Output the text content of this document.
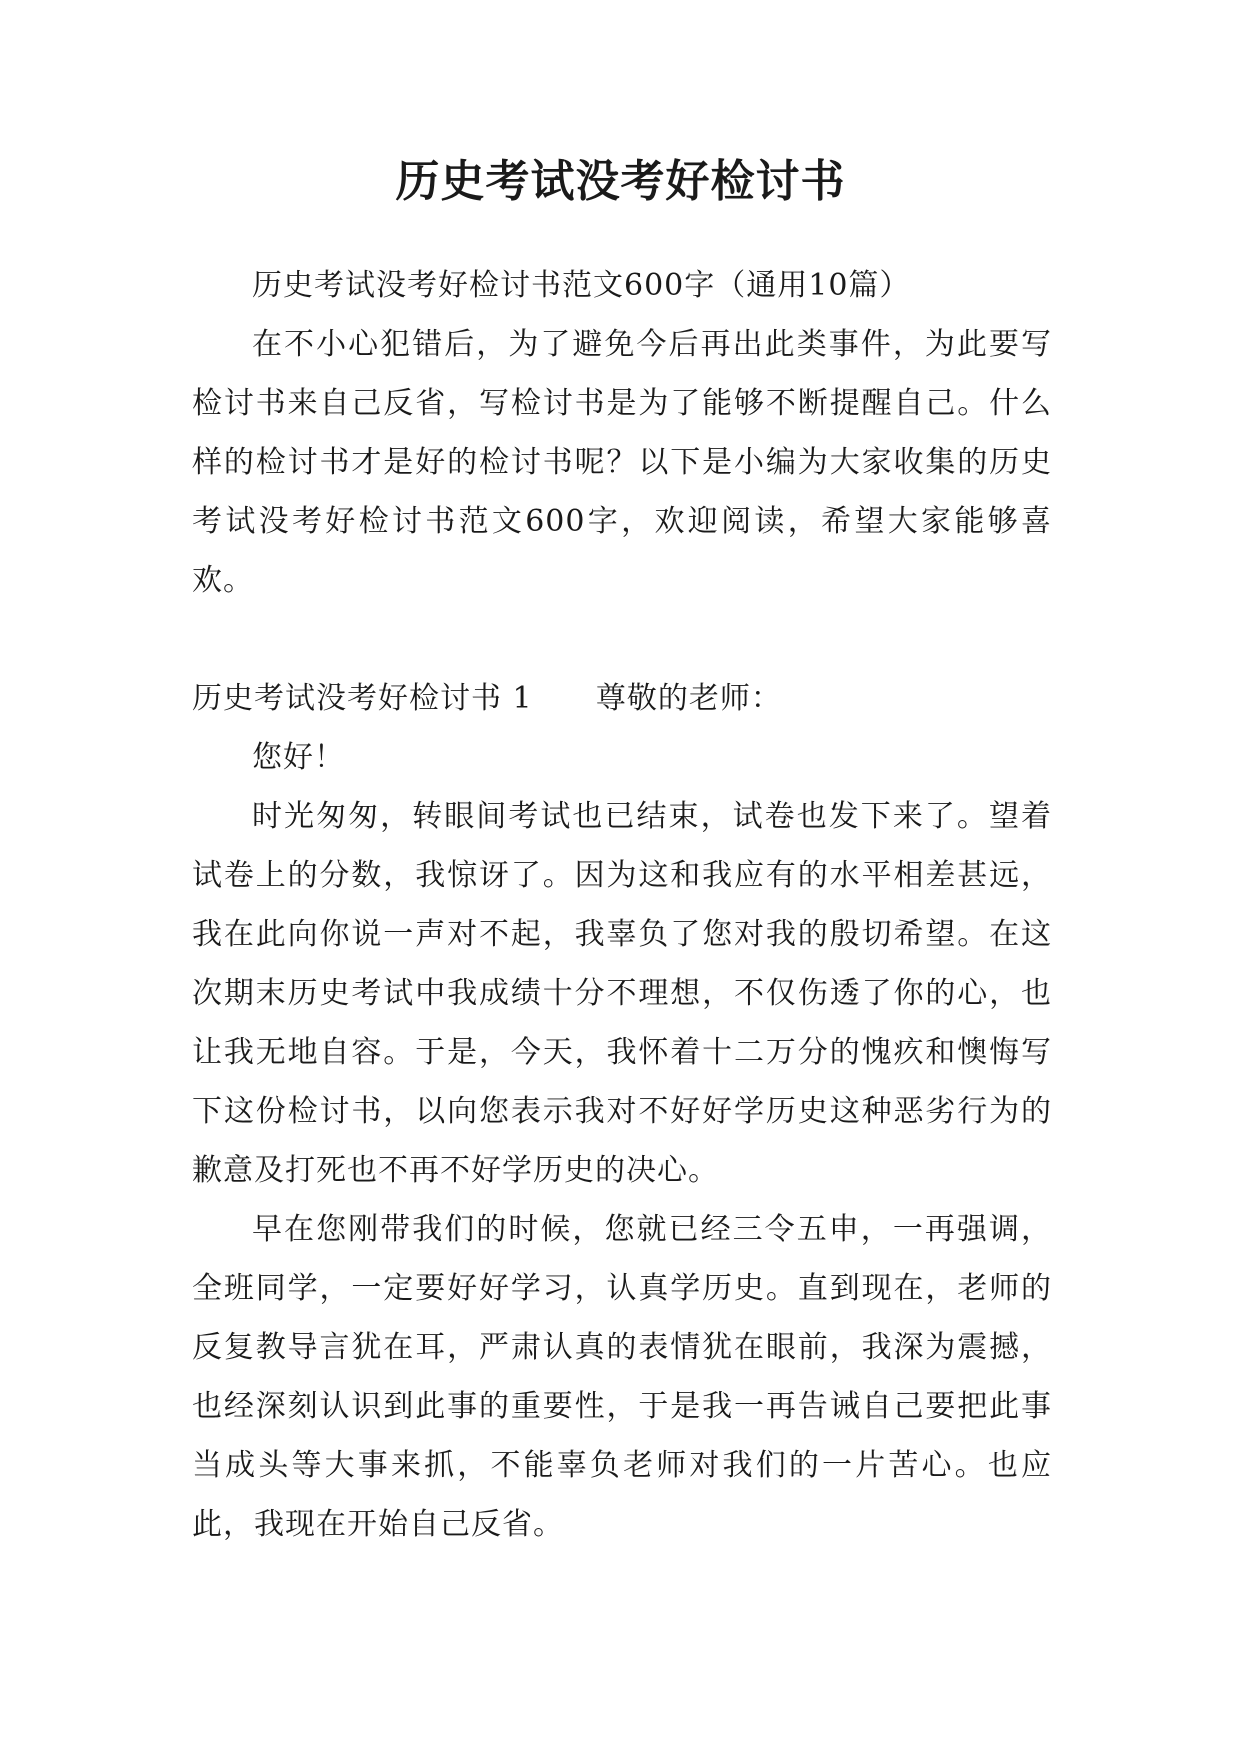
历史考试没考好检讨书

历史考试没考好检讨书范文600字（通用10篇）

在不小心犯错后，为了避免今后再出此类事件，为此要写检讨书来自己反省，写检讨书是为了能够不断提醒自己。什么样的检讨书才是好的检讨书呢？以下是小编为大家收集的历史考试没考好检讨书范文600字，欢迎阅读，希望大家能够喜欢。

历史考试没考好检讨书 1 尊敬的老师：

您好！

时光匆匆，转眼间考试也已结束，试卷也发下来了。望着试卷上的分数，我惊讶了。因为这和我应有的水平相差甚远，我在此向你说一声对不起，我辜负了您对我的殷切希望。在这次期末历史考试中我成绩十分不理想，不仅伤透了你的心，也让我无地自容。于是，今天，我怀着十二万分的愧疚和懊悔写下这份检讨书，以向您表示我对不好好学历史这种恶劣行为的歉意及打死也不再不好学历史的决心。

早在您刚带我们的时候，您就已经三令五申，一再强调，全班同学，一定要好好学习，认真学历史。直到现在，老师的反复教导言犹在耳，严肃认真的表情犹在眼前，我深为震撼，也经深刻认识到此事的重要性，于是我一再告诫自己要把此事当成头等大事来抓，不能辜负老师对我们的一片苦心。也应此，我现在开始自己反省。
